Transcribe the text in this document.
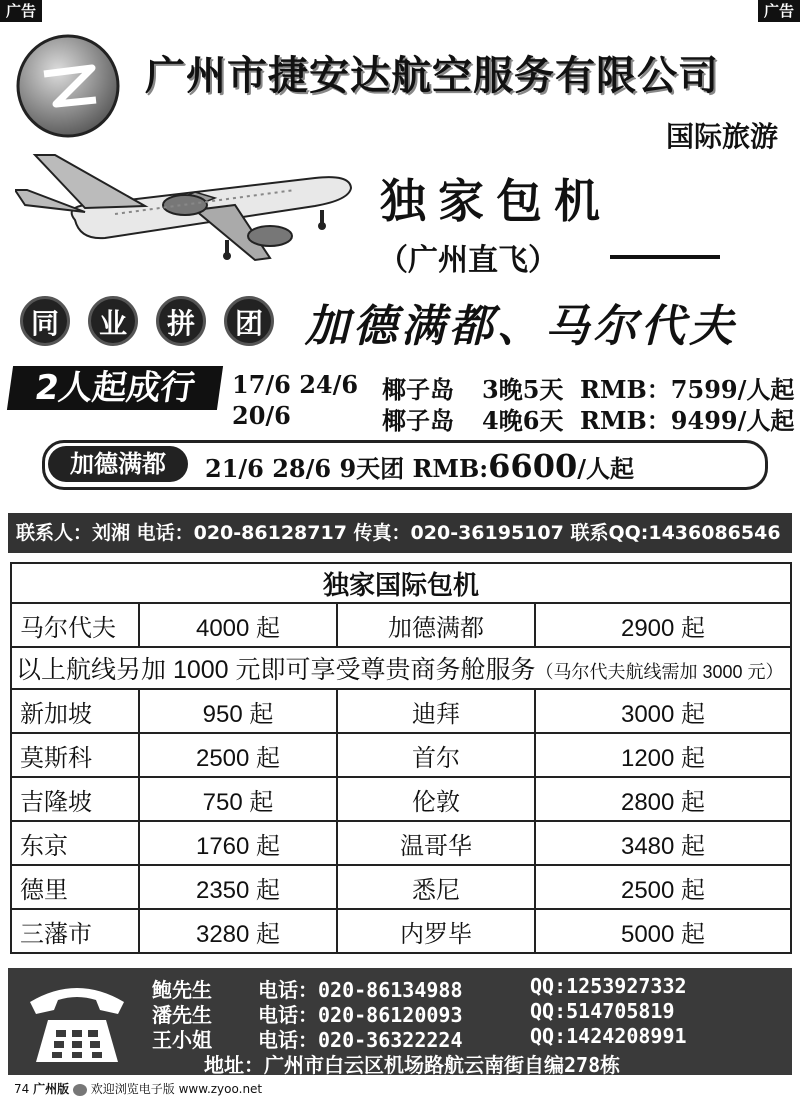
广告	广告
广州市捷安达航空服务有限公司
国际旅游
独家包机
（广州直飞）
同	业	拼	团 加德满都、马尔代夫
2人起成行	17/6 24/6 椰子岛 3晚5天 RMB：7599/人起
20/6	椰子岛 4晚6天 RMB：9499/人起
加德满都	21/6 28/6 9天团 RMB:6600/人起
联系人：刘湘 电话：020-86128717 传真：020-36195107 联系QQ:1436086546
独家国际包机			
马尔代夫	4000 起	加德满都	2900 起
以上航线另加 1000 元即可享受尊贵商务舱服务（马尔代夫航线需加 3000 元）			
新加坡	950 起	迪拜	3000 起
莫斯科	2500 起	首尔	1200 起
吉隆坡	750 起	伦敦	2800 起
东京	1760 起	温哥华	3480 起
德里	2350 起	悉尼	2500 起
三藩市	3280 起	内罗毕	5000 起
鲍先生 电话：020-86134988	QQ:1253927332
潘先生 电话：020-86120093	QQ:514705819
王小姐 电话：020-36322224	QQ:1424208991
地址：广州市白云区机场路航云南街自编278栋
74 广州版 欢迎浏览电子版 www.zyoo.net
